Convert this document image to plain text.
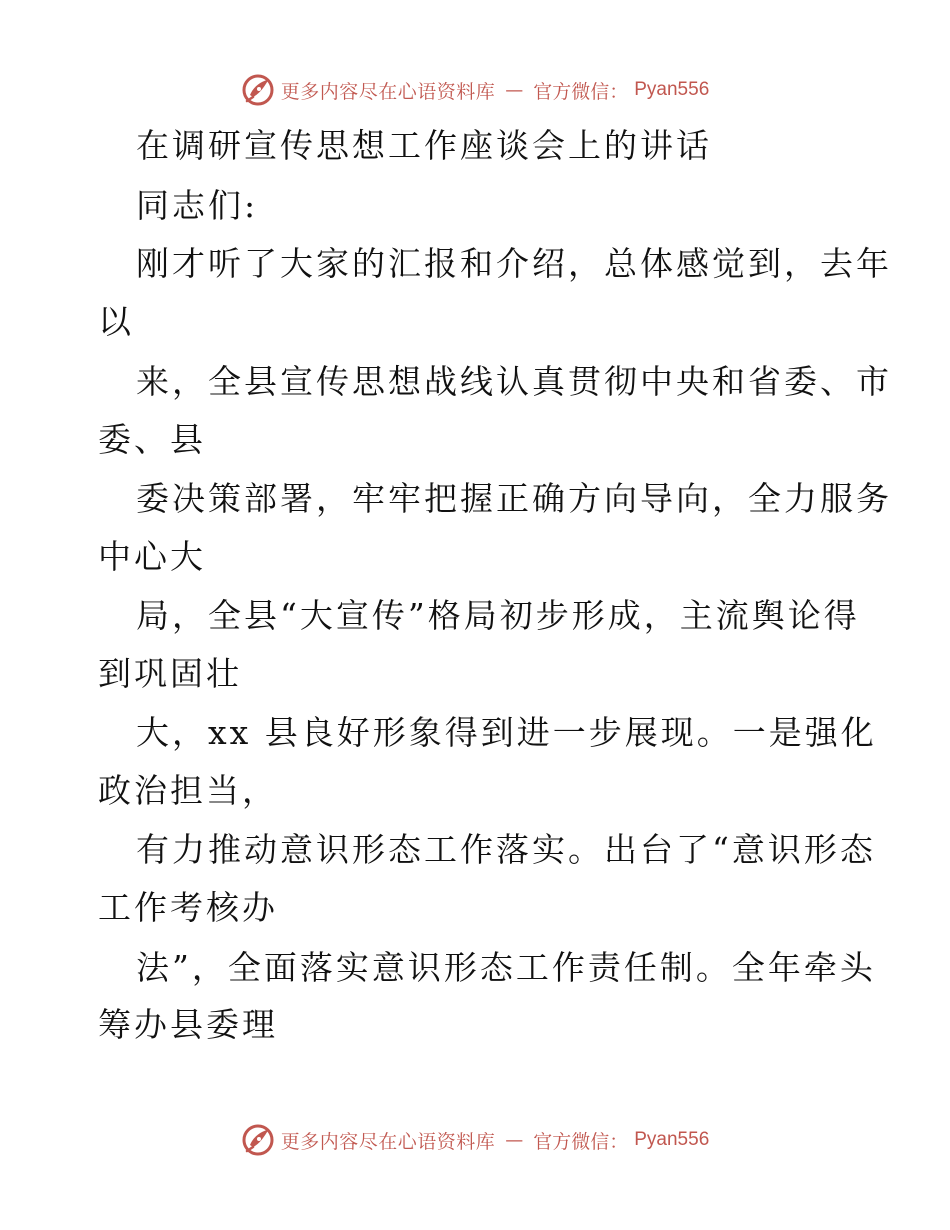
更多内容尽在心语资料库 — 官方微信： Pyan556
在调研宣传思想工作座谈会上的讲话
同志们:
刚才听了大家的汇报和介绍，总体感觉到，去年
以
来，全县宣传思想战线认真贯彻中央和省委、市
委、县
委决策部署，牢牢把握正确方向导向，全力服务
中心大
局，全县“大宣传”格局初步形成，主流舆论得
到巩固壮
大，xx 县良好形象得到进一步展现。一是强化
政治担当，
有力推动意识形态工作落实。出台了“意识形态
工作考核办
法”，全面落实意识形态工作责任制。全年牵头
筹办县委理
更多内容尽在心语资料库 — 官方微信： Pyan556
